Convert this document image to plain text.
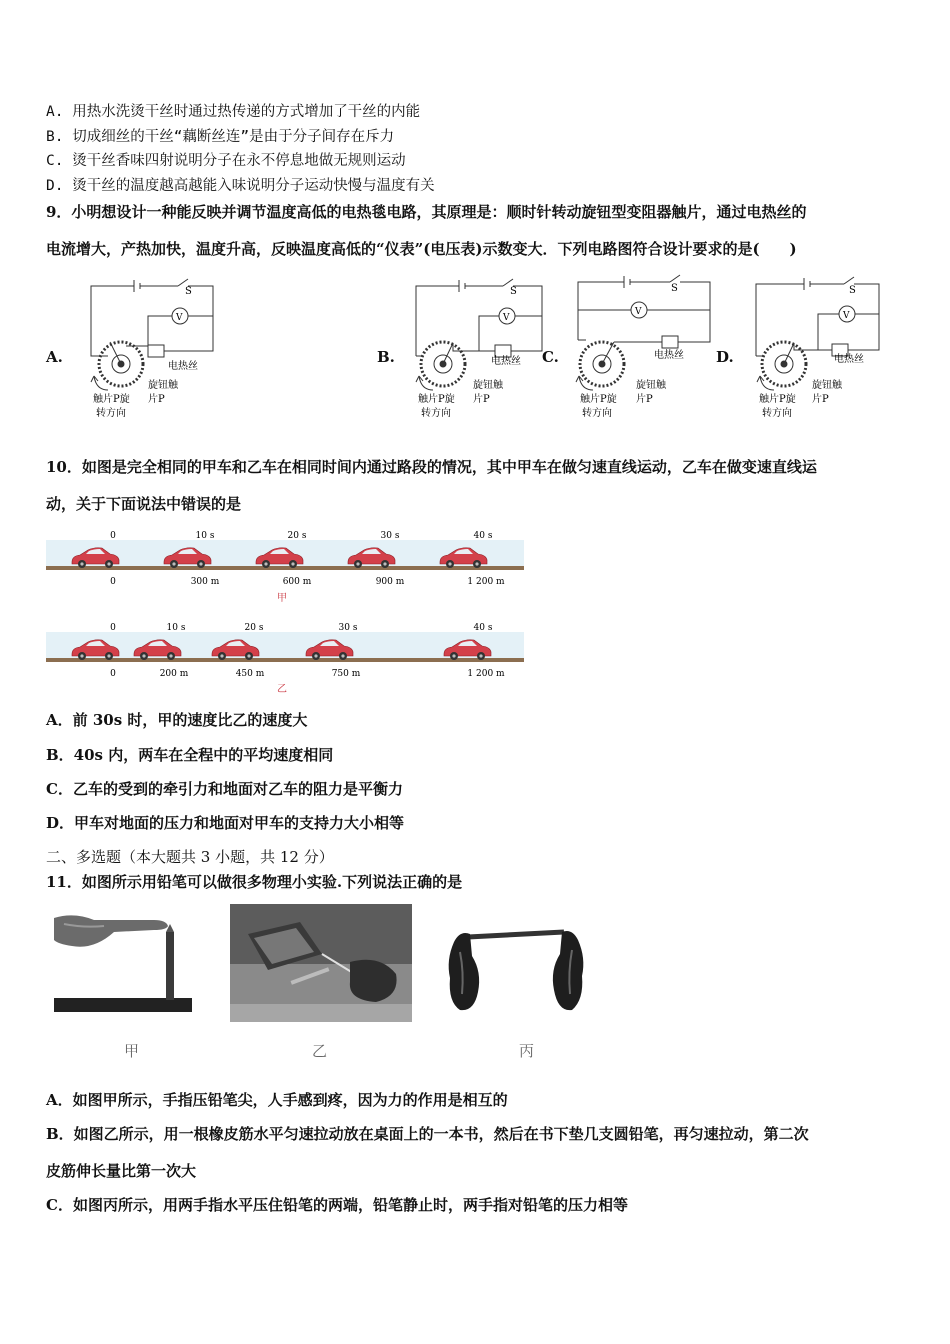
A. 用热水洗烫干丝时通过热传递的方式增加了干丝的内能
B. 切成细丝的干丝“藕断丝连”是由于分子间存在斥力
C. 烫干丝香味四射说明分子在永不停息地做无规则运动
D. 烫干丝的温度越高越能入味说明分子运动快慢与温度有关
9．小明想设计一种能反映并调节温度高低的电热毯电路，其原理是：顺时针转动旋钮型变阻器触片，通过电热丝的
电流增大，产热加快，温度升高，反映温度高低的“仪表”(电压表)示数变大．下列电路图符合设计要求的是(　　)
A.	B.	C.	D.
S
V
电热丝
旋钮触
片P
触片P旋
转方向
S
V
电热丝
旋钮触
片P
触片P旋
转方向
S
V
电热丝
旋钮触
片P
触片P旋
转方向
S
V
电热丝
旋钮触
片P
触片P旋
转方向
10．如图是完全相同的甲车和乙车在相同时间内通过路段的情况，其中甲车在做匀速直线运动，乙车在做变速直线运
动，关于下面说法中错误的是
0	10 s	20 s	30 s	40 s
0	300 m	600 m	900 m	1 200 m
甲
0	10 s	20 s	30 s	40 s
0	200 m	450 m	750 m	1 200 m
乙
A．前 30s 时，甲的速度比乙的速度大
B．40s 内，两车在全程中的平均速度相同
C．乙车的受到的牵引力和地面对乙车的阻力是平衡力
D．甲车对地面的压力和地面对甲车的支持力大小相等
二、多选题（本大题共 3 小题，共 12 分）
11．如图所示用铅笔可以做很多物理小实验.下列说法正确的是
甲	乙	丙
A．如图甲所示，手指压铅笔尖，人手感到疼，因为力的作用是相互的
B．如图乙所示，用一根橡皮筋水平匀速拉动放在桌面上的一本书，然后在书下垫几支圆铅笔，再匀速拉动，第二次
皮筋伸长量比第一次大
C．如图丙所示，用两手指水平压住铅笔的两端，铅笔静止时，两手指对铅笔的压力相等
